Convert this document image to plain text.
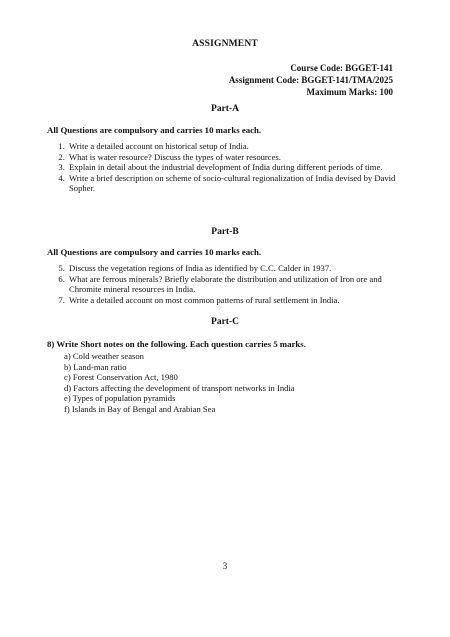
ASSIGNMENT

Course Code: BGGET-141

Assignment Code: BGGET-141/TMA/2025

Maximum Marks: 100

Part-A

All Questions are compulsory and carries 10 marks each.

1. Write a detailed account on historical setup of India.
2. What is water resource? Discuss the types of water resources.
3. Explain in detail about the industrial development of India during different periods of time.
4. Write a brief description on scheme of socio-cultural regionalization of India devised by David Sopher.

Part-B

All Questions are compulsory and carries 10 marks each.

5. Discuss the vegetation regions of India as identified by C.C. Calder in 1937.
6. What are ferrous minerals? Briefly elaborate the distribution and utilization of Iron ore and Chromite mineral resources in India.
7. Write a detailed account on most common patterns of rural settlement in India.

Part-C

8) Write Short notes on the following. Each question carries 5 marks.

a) Cold weather season
b) Land-man ratio
c) Forest Conservation Act, 1980
d) Factors affecting the development of transport networks in India
e) Types of population pyramids
f) Islands in Bay of Bengal and Arabian Sea

3
